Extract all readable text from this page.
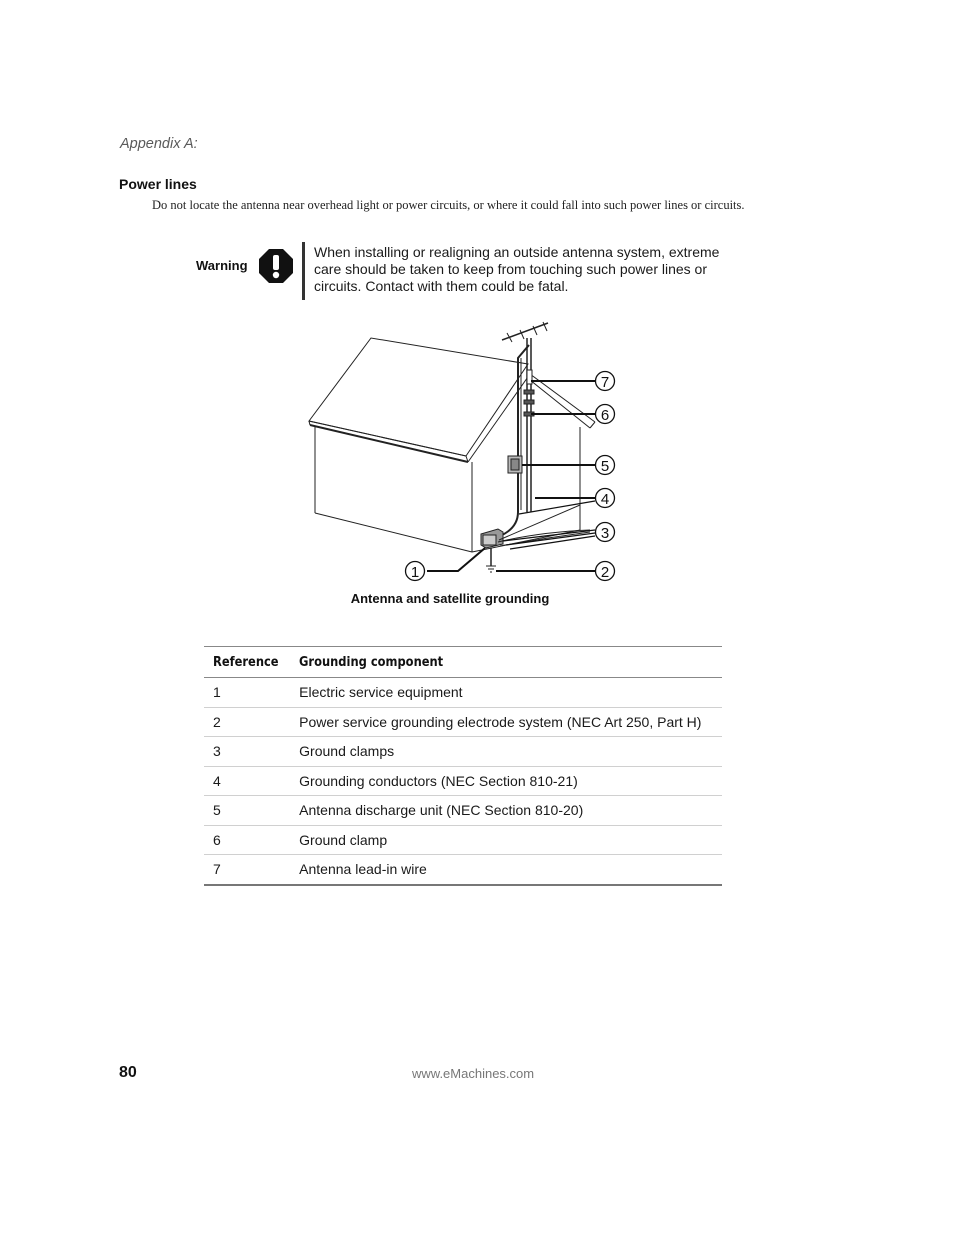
Appendix A:
Power lines
Do not locate the antenna near overhead light or power circuits, or where it could fall into such power lines or circuits.
Warning
When installing or realigning an outside antenna system, extreme care should be taken to keep from touching such power lines or circuits. Contact with them could be fatal.
7
6
5
4
3
2
1
Antenna and satellite grounding
Reference	Grounding component
1	Electric service equipment
2	Power service grounding electrode system (NEC Art 250, Part H)
3	Ground clamps
4	Grounding conductors (NEC Section 810-21)
5	Antenna discharge unit (NEC Section 810-20)
6	Ground clamp
7	Antenna lead-in wire
80	www.eMachines.com
